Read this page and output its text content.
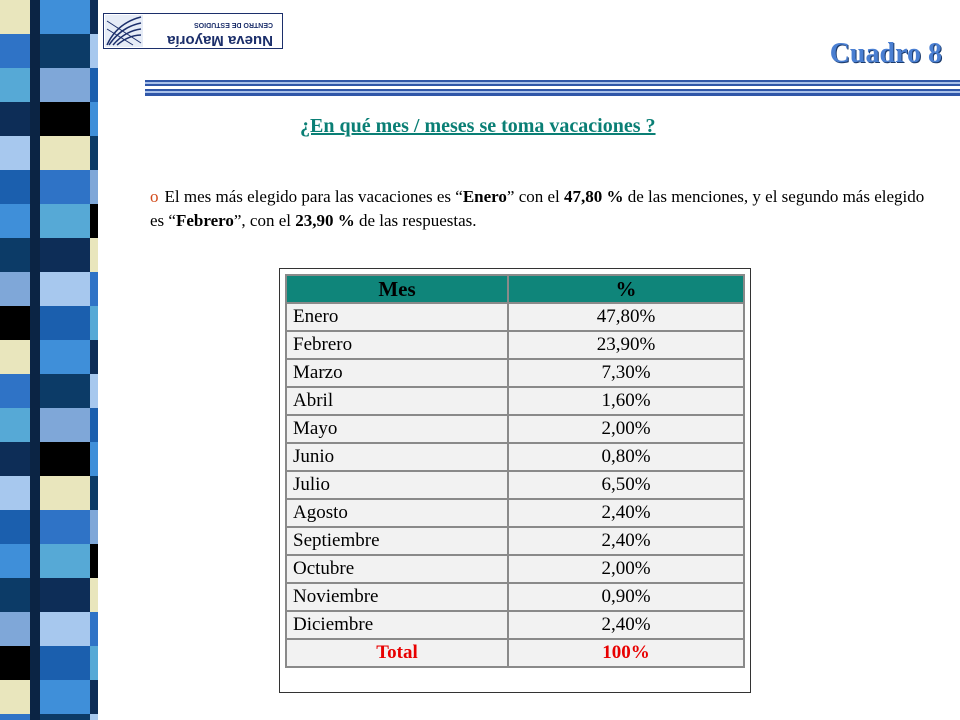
Nueva Mayoría
CENTRO DE ESTUDIOS
Cuadro 8
¿En qué mes / meses se toma vacaciones ?
o El mes más elegido para las vacaciones es “Enero” con el 47,80 % de las menciones, y el segundo más elegido es “Febrero”, con el 23,90 % de las respuestas.
Mes	%
Enero	47,80%
Febrero	23,90%
Marzo	7,30%
Abril	1,60%
Mayo	2,00%
Junio	0,80%
Julio	6,50%
Agosto	2,40%
Septiembre	2,40%
Octubre	2,00%
Noviembre	0,90%
Diciembre	2,40%
Total	100%
